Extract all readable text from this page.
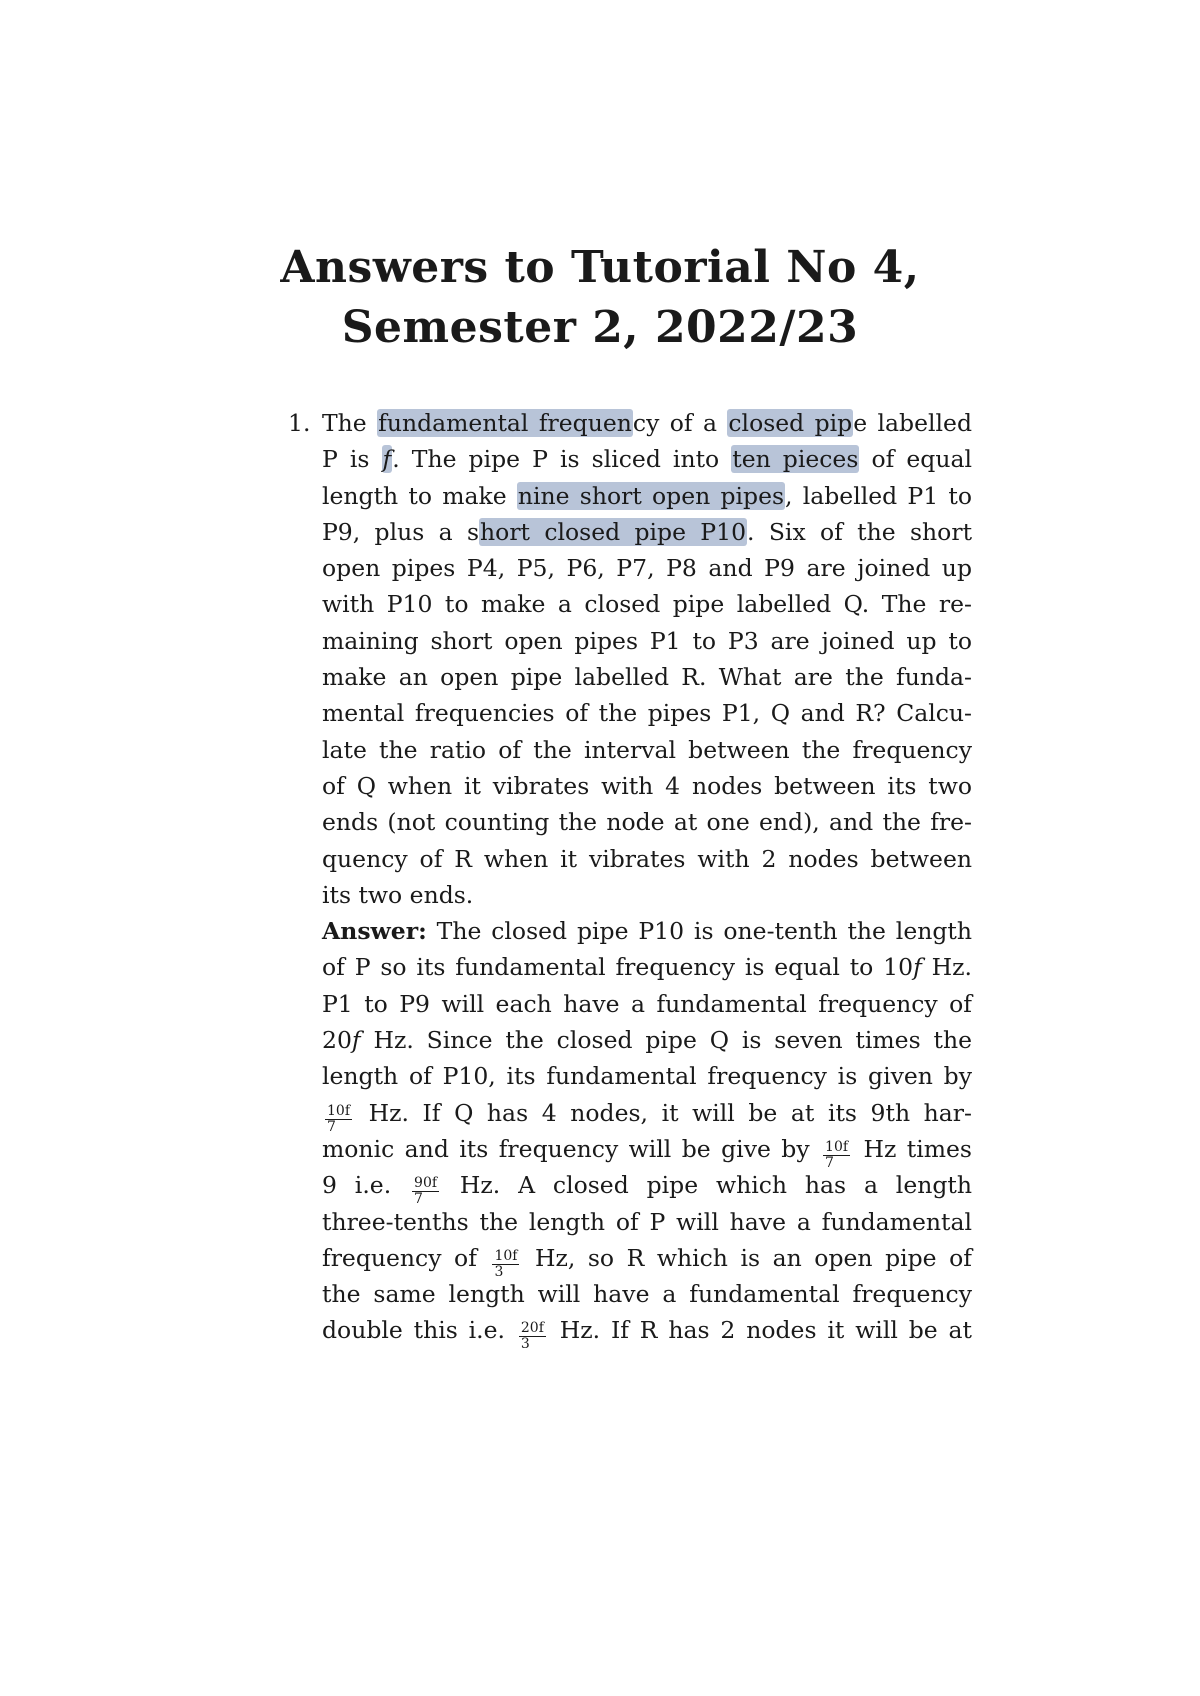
Answers to Tutorial No 4,
Semester 2, 2022/23
1. The fundamental frequency of a closed pipe labelled
P is f. The pipe P is sliced into ten pieces of equal
length to make nine short open pipes, labelled P1 to
P9, plus a short closed pipe P10. Six of the short
open pipes P4, P5, P6, P7, P8 and P9 are joined up
with P10 to make a closed pipe labelled Q. The re-
maining short open pipes P1 to P3 are joined up to
make an open pipe labelled R. What are the funda-
mental frequencies of the pipes P1, Q and R? Calcu-
late the ratio of the interval between the frequency
of Q when it vibrates with 4 nodes between its two
ends (not counting the node at one end), and the fre-
quency of R when it vibrates with 2 nodes between
its two ends.
Answer: The closed pipe P10 is one-tenth the length
of P so its fundamental frequency is equal to 10f Hz.
P1 to P9 will each have a fundamental frequency of
20f Hz. Since the closed pipe Q is seven times the
length of P10, its fundamental frequency is given by
$\frac{10f}{7} Hz$. If Q has 4 nodes, it will be at its 9th har-
monic and its frequency will be give by $\frac{10f}{7}$ Hz times
9 i.e. $\frac{90f}{7} Hz$. A closed pipe which has a length
three-tenths the length of P will have a fundamental
frequency of $\frac{10f}{3} Hz$, so R which is an open pipe of
the same length will have a fundamental frequency
double this i.e. $\frac{20f}{3} Hz$. If R has 2 nodes it will be at
